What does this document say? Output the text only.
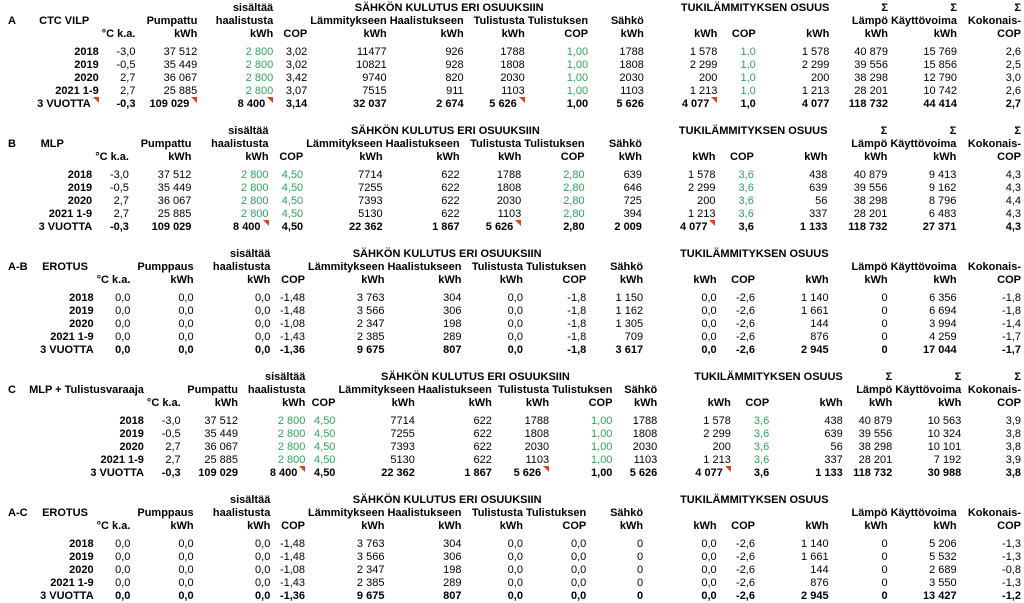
				sisältää		SÄHKÖN KULUTUS ERI OSUUKSIIN					TUKILÄMMITYKSEN OSUUS			Σ	Σ	Σ
A	CTC VILP		Pumpattu	haalistusta		Lämmitykseen	Haalistukseen	Tulistusta	Tulistuksen	Sähkö				Lämpö	Käyttövoima	Kokonais-
		°C k.a.	kWh	kWh	COP	kWh	kWh	kWh	COP	kWh	kWh	COP	kWh	kWh	kWh	COP

	2018	-3,0	37 512	2 800	3,02	11477	926	1788	1,00	1788	1 578	1,0	1 578	40 879	15 769	2,6
	2019	-0,5	35 449	2 800	3,02	10821	928	1808	1,00	1808	2 299	1,0	2 299	39 556	15 856	2,5
	2020	2,7	36 067	2 800	3,42	9740	820	2030	1,00	2030	200	1,0	200	38 298	12 790	3,0
	2021 1-9	2,7	25 885	2 800	3,07	7515	911	1103	1,00	1103	1 213	1,0	1 213	28 201	10 742	2,6
	3 VUOTTA	-0,3	109 029	8 400	3,14	32 037	2 674	5 626	1,00	5 626	4 077	1,0	4 077	118 732	44 414	2,7
				sisältää		SÄHKÖN KULUTUS ERI OSUUKSIIN					TUKILÄMMITYKSEN OSUUS			Σ	Σ	Σ
B	MLP		Pumpattu	haalistusta		Lämmitykseen	Haalistukseen	Tulistusta	Tulistuksen	Sähkö				Lämpö	Käyttövoima	Kokonais-
		°C k.a.	kWh	kWh	COP	kWh	kWh	kWh	COP	kWh	kWh	COP	kWh	kWh	kWh	COP

	2018	-3,0	37 512	2 800	4,50	7714	622	1788	2,80	639	1 578	3,6	438	40 879	9 413	4,3
	2019	-0,5	35 449	2 800	4,50	7255	622	1808	2,80	646	2 299	3,6	639	39 556	9 162	4,3
	2020	2,7	36 067	2 800	4,50	7393	622	2030	2,80	725	200	3,6	56	38 298	8 796	4,4
	2021 1-9	2,7	25 885	2 800	4,50	5130	622	1103	2,80	394	1 213	3,6	337	28 201	6 483	4,3
	3 VUOTTA	-0,3	109 029	8 400	4,50	22 362	1 867	5 626	2,80	2 009	4 077	3,6	1 133	118 732	27 371	4,3
				sisältää		SÄHKÖN KULUTUS ERI OSUUKSIIN					TUKILÄMMITYKSEN OSUUS					
A-B	EROTUS		Pumppaus	haalistusta		Lämmitykseen	Haalistukseen	Tulistusta	Tulistuksen	Sähkö				Lämpö	Käyttövoima	Kokonais-
		°C k.a.	kWh	kWh	COP	kWh	kWh	kWh	COP	kWh	kWh	COP	kWh	kWh	kWh	COP

	2018	0,0	0,0	0,0	-1,48	3 763	304	0,0	-1,8	1 150	0,0	-2,6	1 140	0	6 356	-1,8
	2019	0,0	0,0	0,0	-1,48	3 566	306	0,0	-1,8	1 162	0,0	-2,6	1 661	0	6 694	-1,8
	2020	0,0	0,0	0,0	-1,08	2 347	198	0,0	-1,8	1 305	0,0	-2,6	144	0	3 994	-1,4
	2021 1-9	0,0	0,0	0,0	-1,43	2 385	289	0,0	-1,8	709	0,0	-2,6	876	0	4 259	-1,7
	3 VUOTTA	0,0	0,0	0,0	-1,36	9 675	807	0,0	-1,8	3 617	0,0	-2,6	2 945	0	17 044	-1,7
				sisältää		SÄHKÖN KULUTUS ERI OSUUKSIIN					TUKILÄMMITYKSEN OSUUS			Σ	Σ	Σ
C	MLP + Tulistusvaraaja		Pumpattu	haalistusta		Lämmitykseen	Haalistukseen	Tulistusta	Tulistuksen	Sähkö				Lämpö	Käyttövoima	Kokonais-
		°C k.a.	kWh	kWh	COP	kWh	kWh	kWh	COP	kWh	kWh	COP	kWh	kWh	kWh	COP

	2018	-3,0	37 512	2 800	4,50	7714	622	1788	1,00	1788	1 578	3,6	438	40 879	10 563	3,9
	2019	-0,5	35 449	2 800	4,50	7255	622	1808	1,00	1808	2 299	3,6	639	39 556	10 324	3,8
	2020	2,7	36 067	2 800	4,50	7393	622	2030	1,00	2030	200	3,6	56	38 298	10 101	3,8
	2021 1-9	2,7	25 885	2 800	4,50	5130	622	1103	1,00	1103	1 213	3,6	337	28 201	7 192	3,9
	3 VUOTTA	-0,3	109 029	8 400	4,50	22 362	1 867	5 626	1,00	5 626	4 077	3,6	1 133	118 732	30 988	3,8
				sisältää		SÄHKÖN KULUTUS ERI OSUUKSIIN					TUKILÄMMITYKSEN OSUUS					
A-C	EROTUS		Pumppaus	haalistusta		Lämmitykseen	Haalistukseen	Tulistusta	Tulistuksen	Sähkö				Lämpö	Käyttövoima	Kokonais-
		°C k.a.	kWh	kWh	COP	kWh	kWh	kWh	COP	kWh	kWh	COP	kWh	kWh	kWh	COP

	2018	0,0	0,0	0,0	-1,48	3 763	304	0,0	0,0	0	0,0	-2,6	1 140	0	5 206	-1,3
	2019	0,0	0,0	0,0	-1,48	3 566	306	0,0	0,0	0	0,0	-2,6	1 661	0	5 532	-1,3
	2020	0,0	0,0	0,0	-1,08	2 347	198	0,0	0,0	0	0,0	-2,6	144	0	2 689	-0,8
	2021 1-9	0,0	0,0	0,0	-1,43	2 385	289	0,0	0,0	0	0,0	-2,6	876	0	3 550	-1,3
	3 VUOTTA	0,0	0,0	0,0	-1,36	9 675	807	0,0	0,0	0	0,0	-2,6	2 945	0	13 427	-1,2
